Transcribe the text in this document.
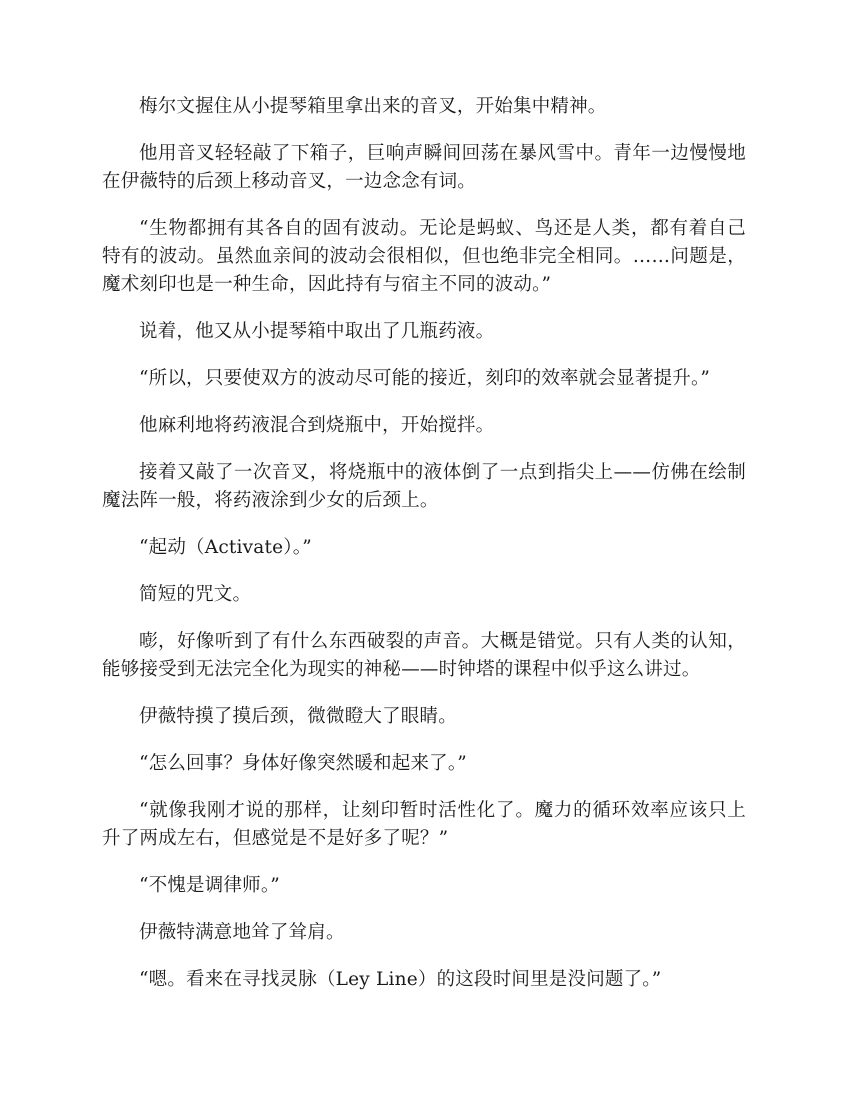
梅尔文握住从小提琴箱里拿出来的音叉，开始集中精神。

他用音叉轻轻敲了下箱子，巨响声瞬间回荡在暴风雪中。青年一边慢慢地在伊薇特的后颈上移动音叉，一边念念有词。

“生物都拥有其各自的固有波动。无论是蚂蚁、鸟还是人类，都有着自己特有的波动。虽然血亲间的波动会很相似，但也绝非完全相同。……问题是，魔术刻印也是一种生命，因此持有与宿主不同的波动。”

说着，他又从小提琴箱中取出了几瓶药液。

“所以，只要使双方的波动尽可能的接近，刻印的效率就会显著提升。”

他麻利地将药液混合到烧瓶中，开始搅拌。

接着又敲了一次音叉，将烧瓶中的液体倒了一点到指尖上——仿佛在绘制魔法阵一般，将药液涂到少女的后颈上。

“起动（Activate）。”

简短的咒文。

嘭，好像听到了有什么东西破裂的声音。大概是错觉。只有人类的认知，能够接受到无法完全化为现实的神秘——时钟塔的课程中似乎这么讲过。

伊薇特摸了摸后颈，微微瞪大了眼睛。

“怎么回事？身体好像突然暖和起来了。”

“就像我刚才说的那样，让刻印暂时活性化了。魔力的循环效率应该只上升了两成左右，但感觉是不是好多了呢？”

“不愧是调律师。”

伊薇特满意地耸了耸肩。

“嗯。看来在寻找灵脉（Ley Line）的这段时间里是没问题了。”
